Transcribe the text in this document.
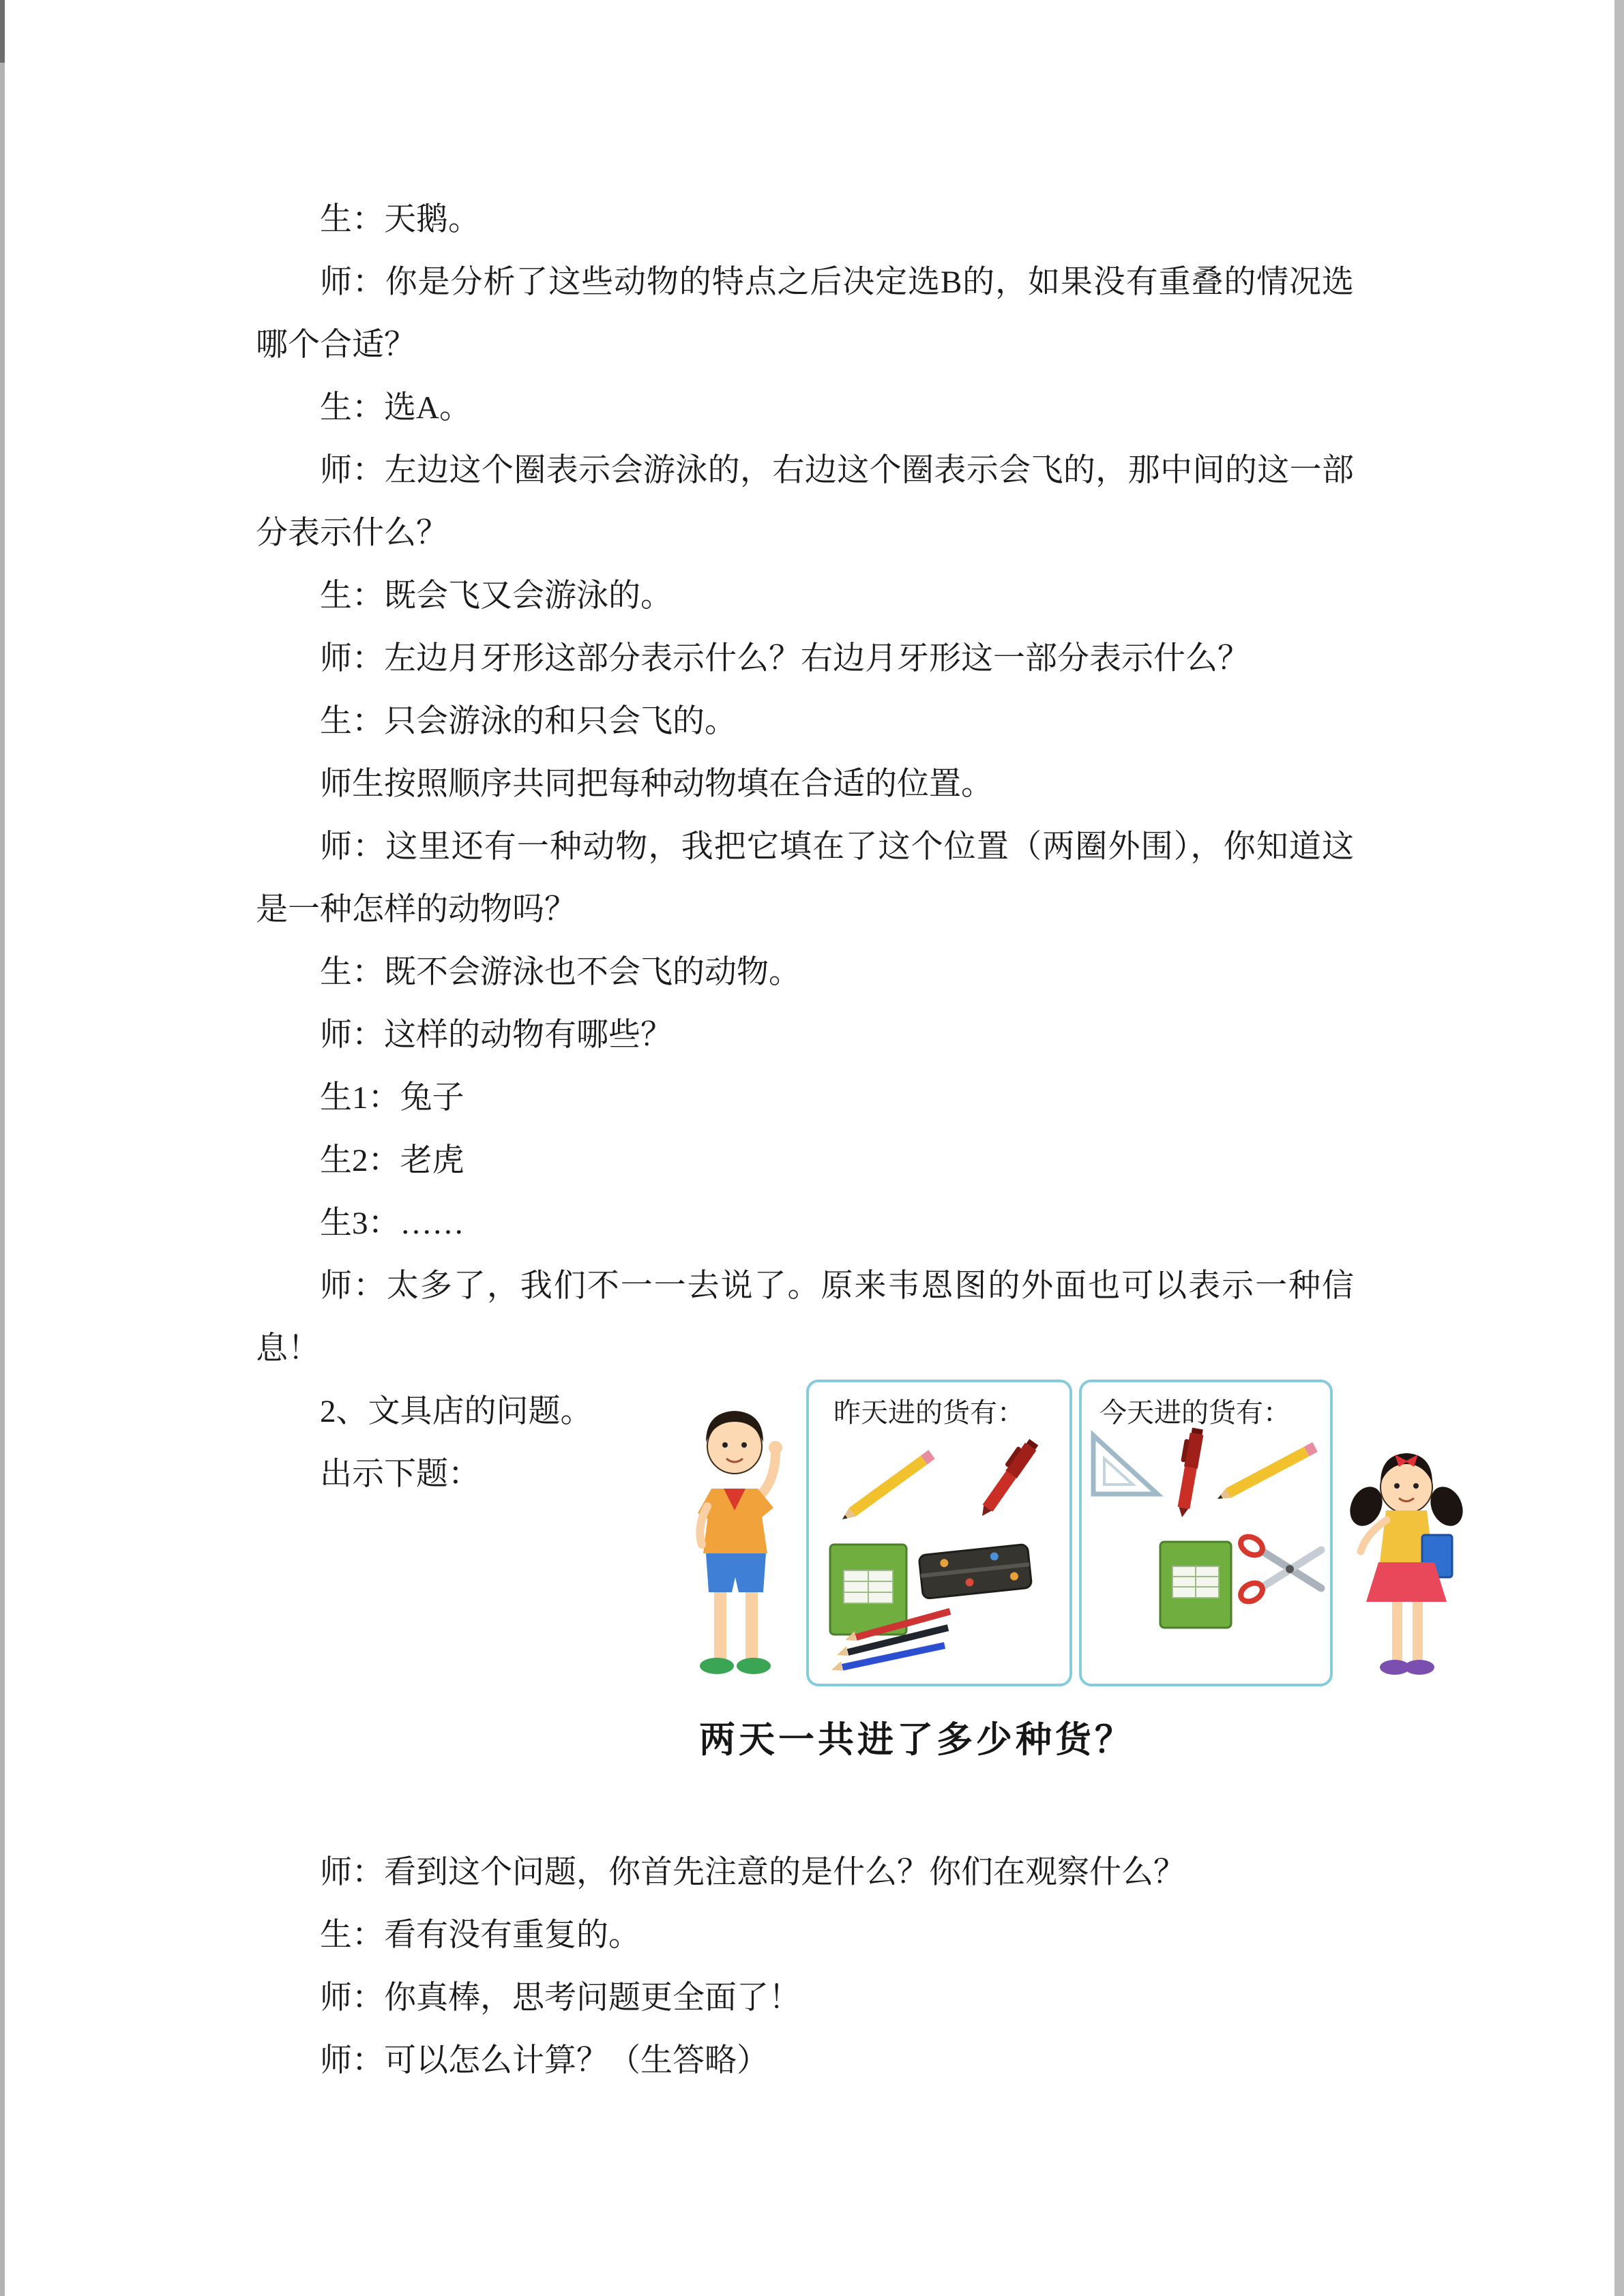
生：天鹅。

师：你是分析了这些动物的特点之后决定选B的，如果没有重叠的情况选哪个合适？

生：选A。

师：左边这个圈表示会游泳的，右边这个圈表示会飞的，那中间的这一部分表示什么？

生：既会飞又会游泳的。

师：左边月牙形这部分表示什么？右边月牙形这一部分表示什么？

生：只会游泳的和只会飞的。

师生按照顺序共同把每种动物填在合适的位置。

师：这里还有一种动物，我把它填在了这个位置（两圈外围），你知道这是一种怎样的动物吗？

生：既不会游泳也不会飞的动物。

师：这样的动物有哪些？

生1：兔子

生2：老虎

生3：……

师：太多了，我们不一一去说了。原来韦恩图的外面也可以表示一种信息！

2、文具店的问题。

出示下题：

昨天进的货有：	今天进的货有：
两天一共进了多少种货？

师：看到这个问题，你首先注意的是什么？你们在观察什么？

生：看有没有重复的。

师：你真棒，思考问题更全面了！

师：可以怎么计算？（生答略）
